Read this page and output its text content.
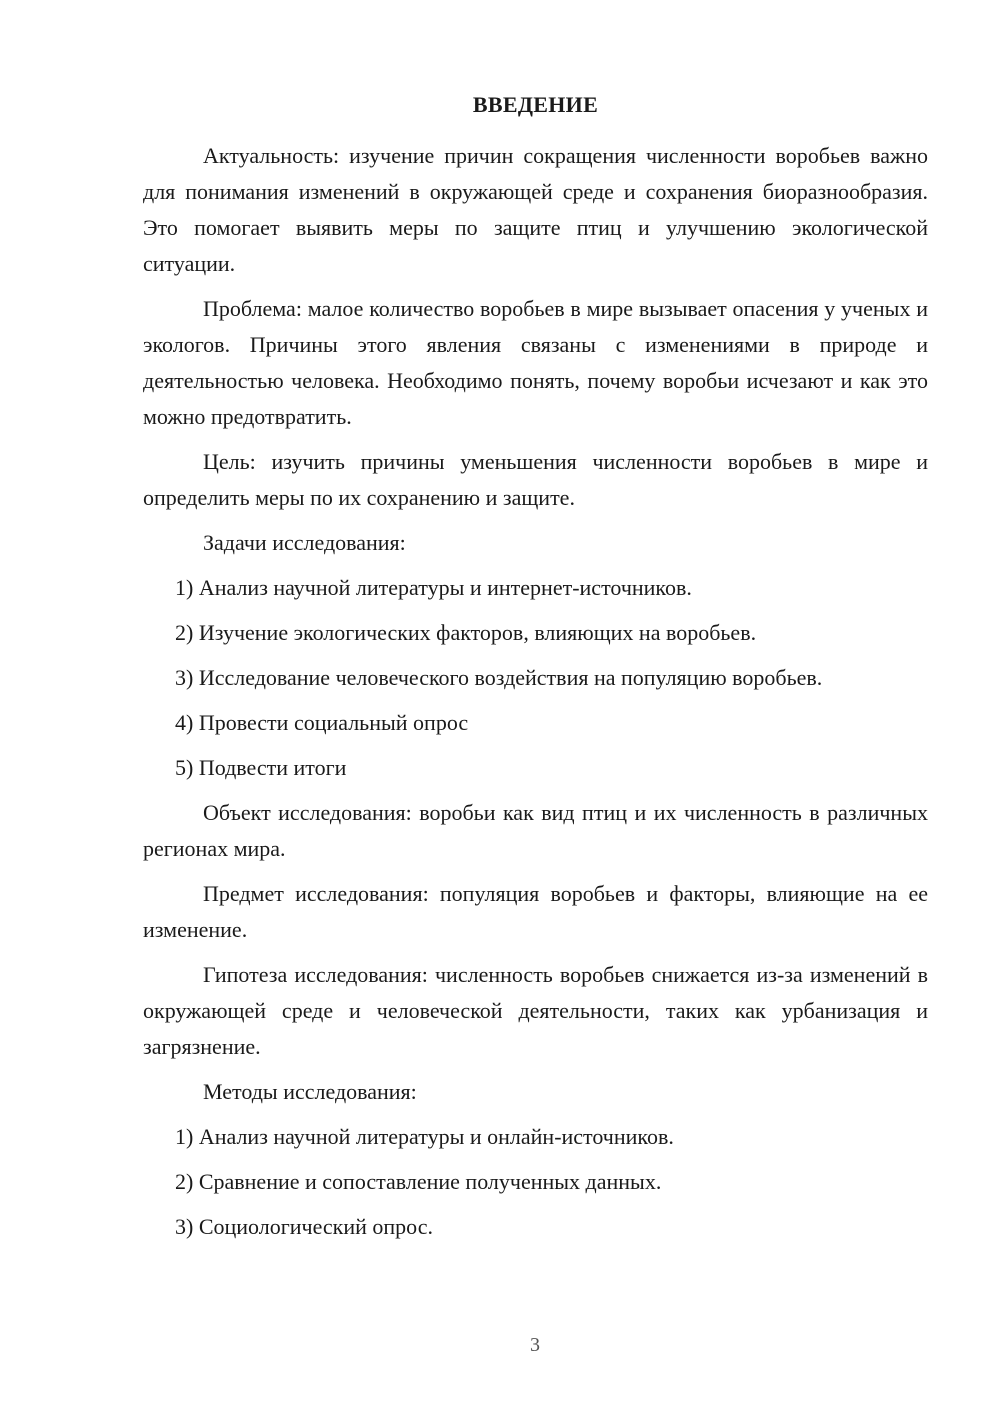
ВВЕДЕНИЕ

Актуальность: изучение причин сокращения численности воробьев важно для понимания изменений в окружающей среде и сохранения биоразнообразия. Это помогает выявить меры по защите птиц и улучшению экологической ситуации.

Проблема: малое количество воробьев в мире вызывает опасения у ученых и экологов. Причины этого явления связаны с изменениями в природе и деятельностью человека. Необходимо понять, почему воробьи исчезают и как это можно предотвратить.

Цель: изучить причины уменьшения численности воробьев в мире и определить меры по их сохранению и защите.

Задачи исследования:

1) Анализ научной литературы и интернет-источников.
2) Изучение экологических факторов, влияющих на воробьев.
3) Исследование человеческого воздействия на популяцию воробьев.
4) Провести социальный опрос
5) Подвести итоги

Объект исследования: воробьи как вид птиц и их численность в различных регионах мира.

Предмет исследования: популяция воробьев и факторы, влияющие на ее изменение.

Гипотеза исследования: численность воробьев снижается из-за изменений в окружающей среде и человеческой деятельности, таких как урбанизация и загрязнение.

Методы исследования:

1) Анализ научной литературы и онлайн-источников.
2) Сравнение и сопоставление полученных данных.
3) Социологический опрос.
3
